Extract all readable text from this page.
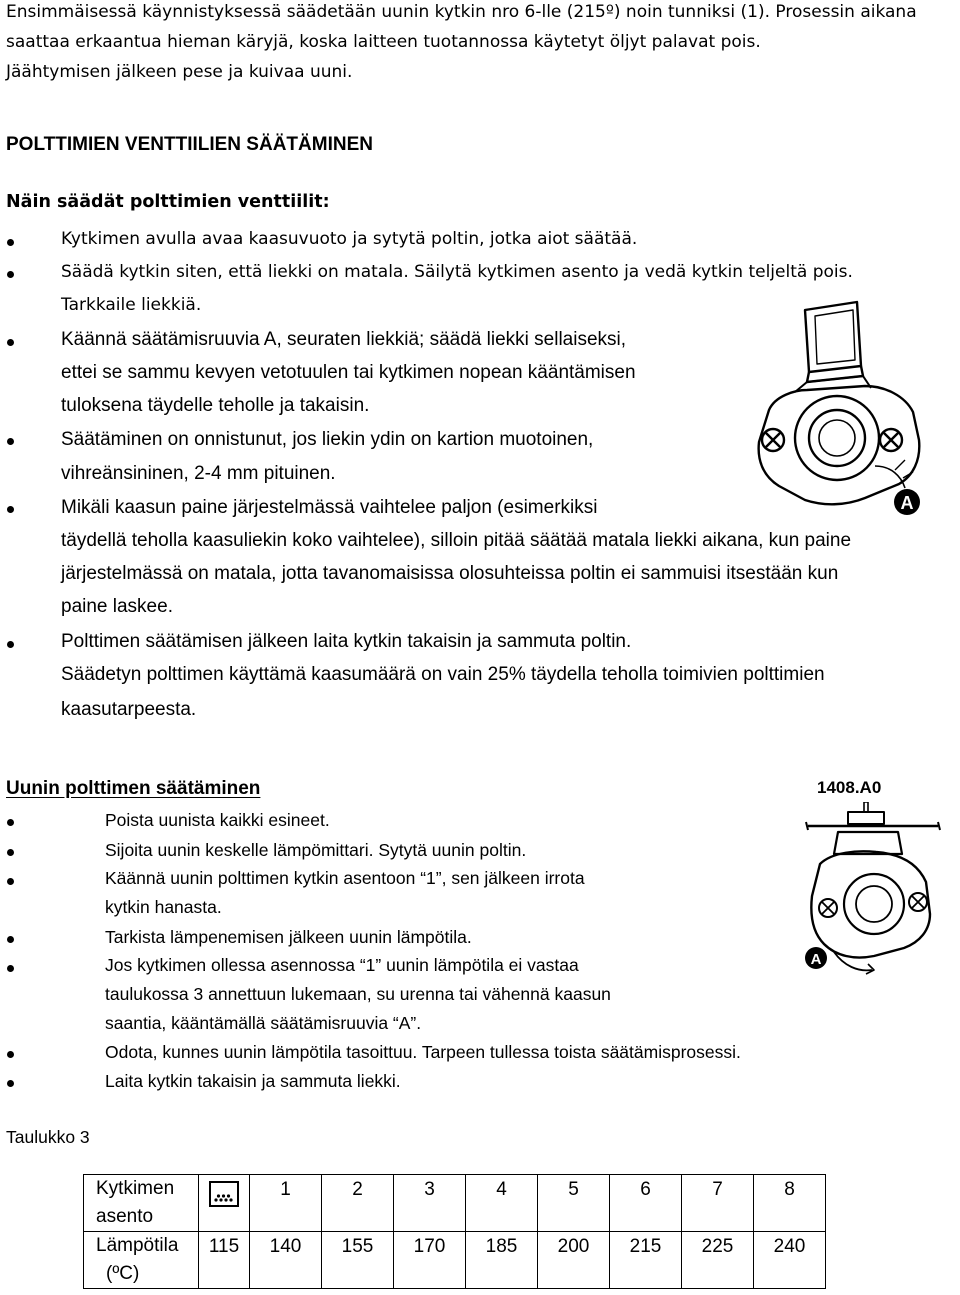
Ensimmäisessä käynnistyksessä säädetään uunin kytkin nro 6-lle (215º) noin tunniksi (1). Prosessin aikana
saattaa erkaantua hieman käryjä, koska laitteen tuotannossa käytetyt öljyt palavat pois.
Jäähtymisen jälkeen pese ja kuivaa uuni.
POLTTIMIEN VENTTIILIEN SÄÄTÄMINEN
Näin säädät polttimien venttiilit:
Kytkimen avulla avaa kaasuvuoto ja sytytä poltin, jotka aiot säätää.
Säädä kytkin siten, että liekki on matala. Säilytä kytkimen asento ja vedä kytkin teljeltä pois.
Tarkkaile liekkiä.
Käännä säätämisruuvia A, seuraten liekkiä; säädä liekki sellaiseksi,
ettei se sammu kevyen vetotuulen tai kytkimen nopean kääntämisen
tuloksena täydelle teholle ja takaisin.
Säätäminen on onnistunut, jos liekin ydin on kartion muotoinen,
vihreänsininen, 2-4 mm pituinen.
Mikäli kaasun paine järjestelmässä vaihtelee paljon (esimerkiksi
täydellä teholla kaasuliekin koko vaihtelee), silloin pitää säätää matala liekki aikana, kun paine
järjestelmässä on matala, jotta tavanomaisissa olosuhteissa poltin ei sammuisi itsestään kun
paine laskee.
Polttimen säätämisen jälkeen laita kytkin takaisin ja sammuta poltin.
Säädetyn polttimen käyttämä kaasumäärä on vain 25% täydella teholla toimivien polttimien
kaasutarpeesta.
A
Uunin polttimen säätäminen
Poista uunista kaikki esineet.
Sijoita uunin keskelle lämpömittari. Sytytä uunin poltin.
Käännä uunin polttimen kytkin asentoon “1”, sen jälkeen irrota
kytkin hanasta.
Tarkista lämpenemisen jälkeen uunin lämpötila.
Jos kytkimen ollessa asennossa “1” uunin lämpötila ei vastaa
taulukossa 3 annettuun lukemaan, su urenna tai vähennä kaasun
saantia, kääntämällä säätämisruuvia “A”.
Odota, kunnes uunin lämpötila tasoittuu. Tarpeen tullessa toista säätämisprosessi.
Laita kytkin takaisin ja sammuta liekki.
1408.A0
A
Taulukko 3
Kytkimen
asento		1	2	3	4	5	6	7	8

Lämpötila
(ºC)	115	140	155	170	185	200	215	225	240
